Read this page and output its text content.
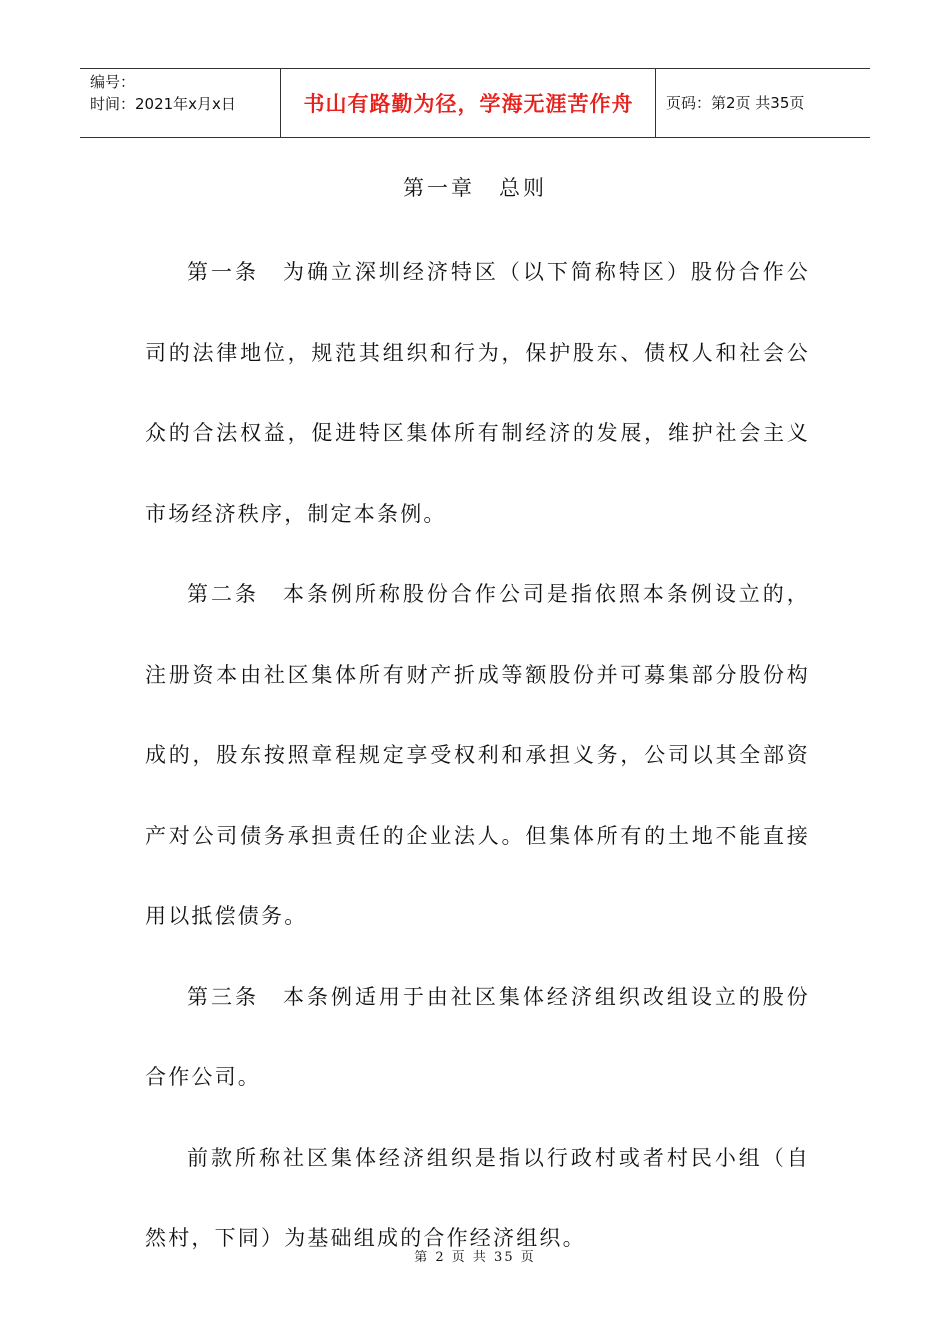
编号：
时间：2021年x月x日	书山有路勤为径，学海无涯苦作舟	页码：第2页 共35页
第一章　总则

第一条　为确立深圳经济特区（以下简称特区）股份合作公司的法律地位，规范其组织和行为，保护股东、债权人和社会公众的合法权益，促进特区集体所有制经济的发展，维护社会主义市场经济秩序，制定本条例。

第二条　本条例所称股份合作公司是指依照本条例设立的，注册资本由社区集体所有财产折成等额股份并可募集部分股份构成的，股东按照章程规定享受权利和承担义务，公司以其全部资产对公司债务承担责任的企业法人。但集体所有的土地不能直接用以抵偿债务。

第三条　本条例适用于由社区集体经济组织改组设立的股份合作公司。

前款所称社区集体经济组织是指以行政村或者村民小组（自然村，下同）为基础组成的合作经济组织。

第 2 页 共 35 页
